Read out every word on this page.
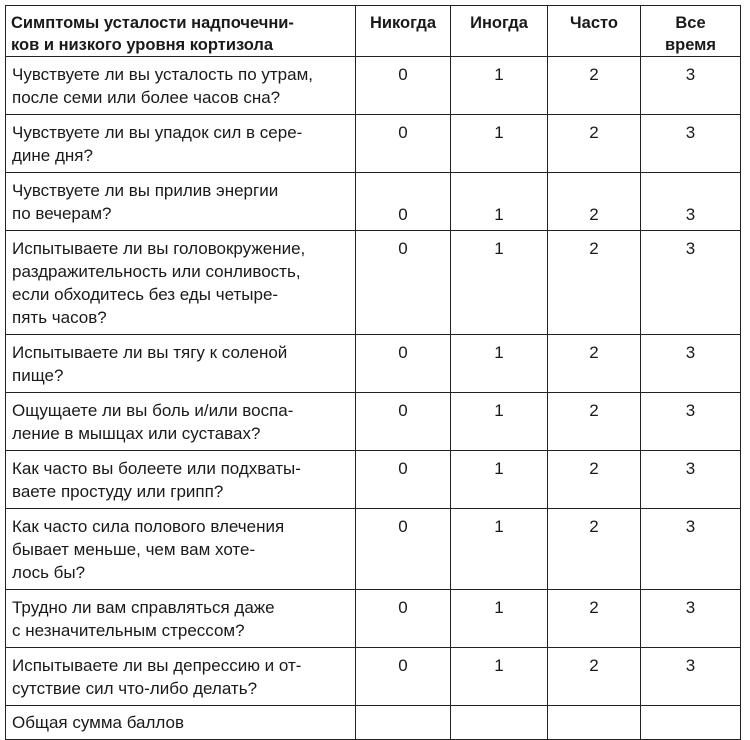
Симптомы усталости надпочечни-
ков и низкого уровня кортизола	Никогда	Иногда	Часто	Все
время
Чувствуете ли вы усталость по утрам,
после семи или более часов сна?	0	1	2	3
Чувствуете ли вы упадок сил в сере-
дине дня?	0	1	2	3
Чувствуете ли вы прилив энергии
по вечерам?	0	1	2	3
Испытываете ли вы головокружение,
раздражительность или сонливость,
если обходитесь без еды четыре-
пять часов?	0	1	2	3
Испытываете ли вы тягу к соленой
пище?	0	1	2	3
Ощущаете ли вы боль и/или воспа-
ление в мышцах или суставах?	0	1	2	3
Как часто вы болеете или подхваты-
ваете простуду или грипп?	0	1	2	3
Как часто сила полового влечения
бывает меньше, чем вам хоте-
лось бы?	0	1	2	3
Трудно ли вам справляться даже
с незначительным стрессом?	0	1	2	3
Испытываете ли вы депрессию и от-
сутствие сил что-либо делать?	0	1	2	3
Общая сумма баллов				
